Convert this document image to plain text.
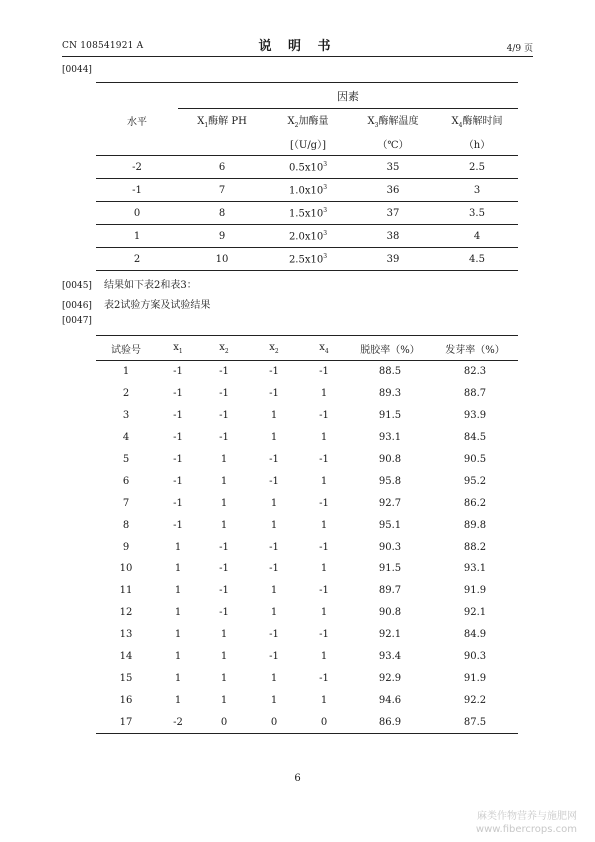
CN 108541921 A	说 明 书	4/9 页
[0044]
	因素			
水平	$X_1$酶解 PH	$X_2$加酶量	$X_3$酶解温度	$X_4$酶解时间
		[（U/g）]	（℃）	（h）
-2	6	$0.5x10^3$	35	2.5
-1	7	$1.0x10^3$	36	3
0	8	$1.5x10^3$	37	3.5
1	9	$2.0x10^3$	38	4
2	10	$2.5x10^3$	39	4.5
[0045] 结果如下表2和表3：
[0046] 表2试验方案及试验结果
[0047]
试验号	$x_1$	$x_2$	$x_2$	$x_4$	脱胶率（%）	发芽率（%）
1	-1	-1	-1	-1	88.5	82.3
2	-1	-1	-1	1	89.3	88.7
3	-1	-1	1	-1	91.5	93.9
4	-1	-1	1	1	93.1	84.5
5	-1	1	-1	-1	90.8	90.5
6	-1	1	-1	1	95.8	95.2
7	-1	1	1	-1	92.7	86.2
8	-1	1	1	1	95.1	89.8
9	1	-1	-1	-1	90.3	88.2
10	1	-1	-1	1	91.5	93.1
11	1	-1	1	-1	89.7	91.9
12	1	-1	1	1	90.8	92.1
13	1	1	-1	-1	92.1	84.9
14	1	1	-1	1	93.4	90.3
15	1	1	1	-1	92.9	91.9
16	1	1	1	1	94.6	92.2
17	-2	0	0	0	86.9	87.5
6
麻类作物营养与施肥网
www.fibercrops.com
